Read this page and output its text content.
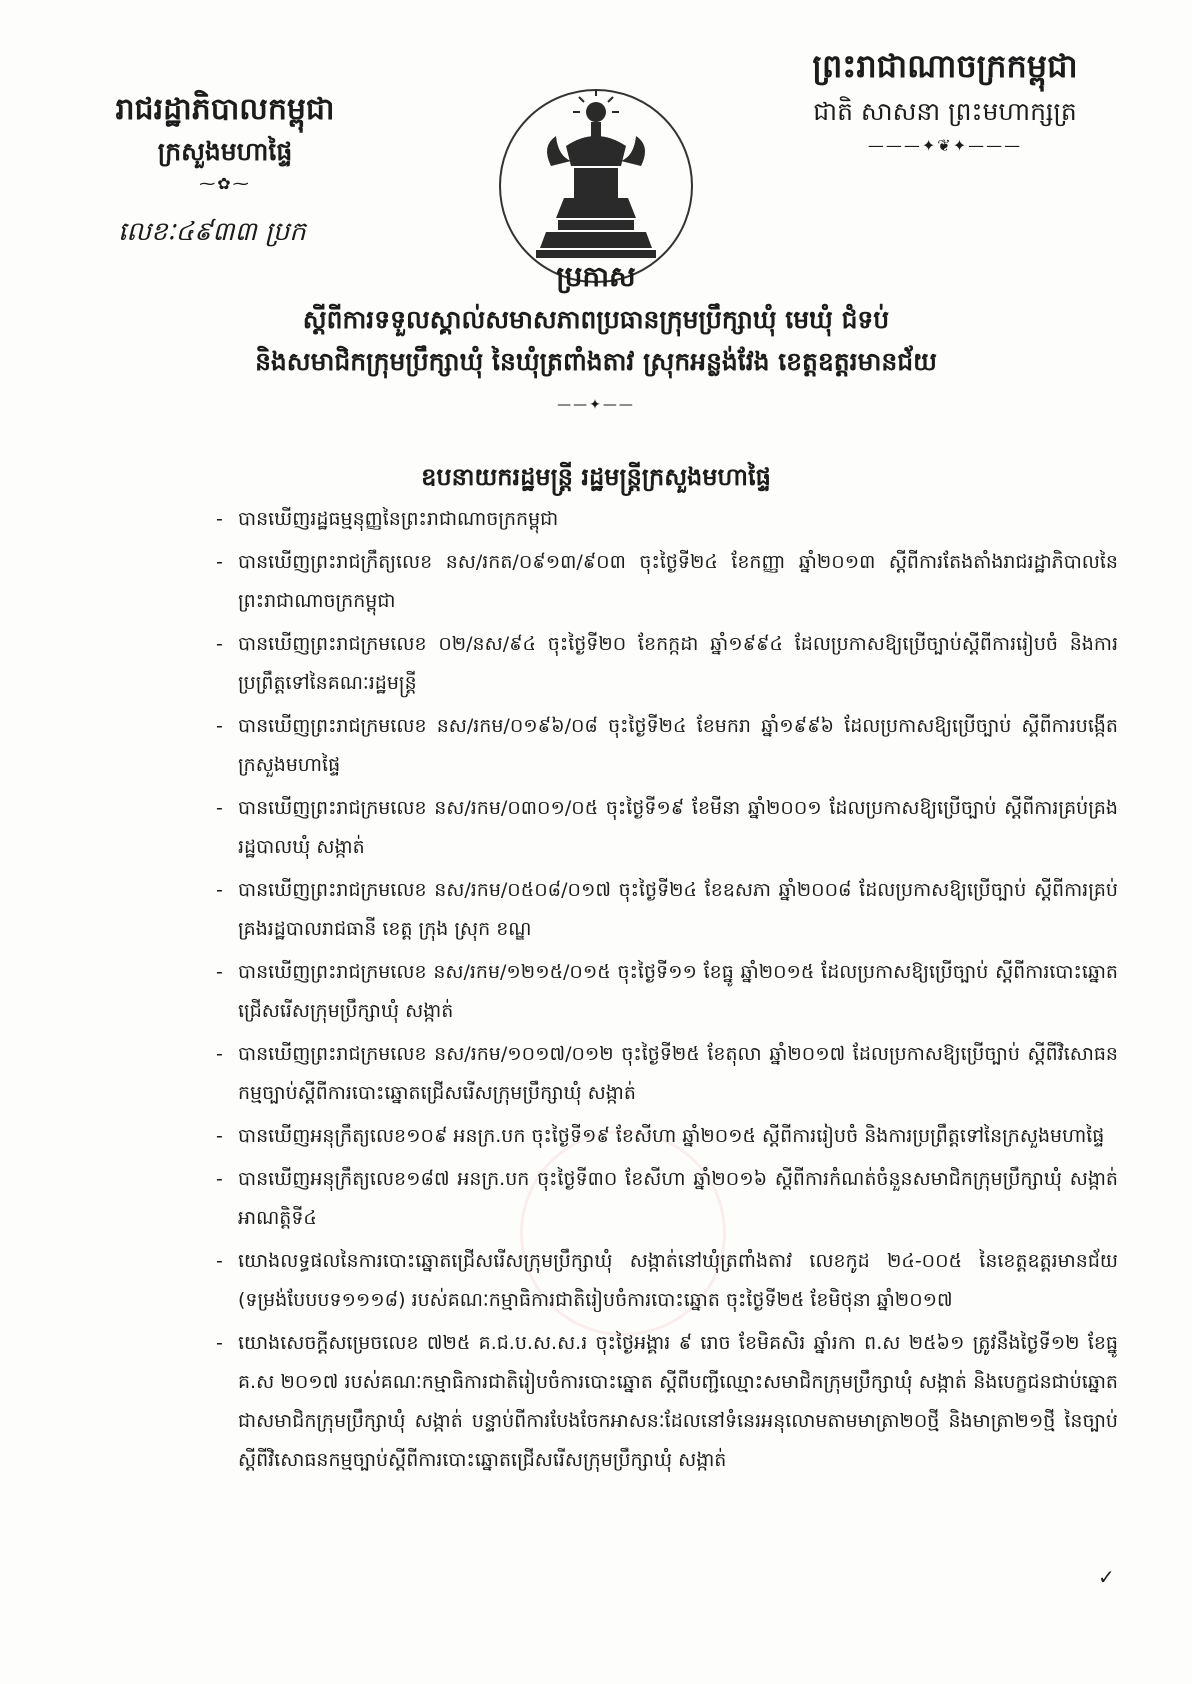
រាជរដ្ឋាភិបាលកម្ពុជា
ក្រសួងមហាផ្ទៃ
⁓✿⁓
លេខៈ៤៩៣៣ ប្រក
ព្រះរាជាណាចក្រកម្ពុជា
ជាតិ សាសនា ព្រះមហាក្សត្រ
———✦❦✦———
ប្រកាស
ស្ដីពីការទទួលស្គាល់សមាសភាពប្រធានក្រុមប្រឹក្សាឃុំ មេឃុំ ជំទប់
និងសមាជិកក្រុមប្រឹក្សាឃុំ នៃឃុំត្រពាំងតាវ ស្រុកអន្លង់វែង ខេត្តឧត្តរមានជ័យ
——✦——
ឧបនាយករដ្ឋមន្ត្រី រដ្ឋមន្ត្រីក្រសួងមហាផ្ទៃ
- បានឃើញរដ្ឋធម្មនុញ្ញនៃព្រះរាជាណាចក្រកម្ពុជា
- បានឃើញព្រះរាជក្រឹត្យលេខ នស/រកត/០៩១៣/៩០៣ ចុះថ្ងៃទី២៤ ខែកញ្ញា ឆ្នាំ២០១៣ ស្ដីពីការតែងតាំងរាជរដ្ឋាភិបាលនៃព្រះរាជាណាចក្រកម្ពុជា
- បានឃើញព្រះរាជក្រមលេខ ០២/នស/៩៤ ចុះថ្ងៃទី២០ ខែកក្កដា ឆ្នាំ១៩៩៤ ដែលប្រកាសឱ្យប្រើច្បាប់ស្ដីពីការរៀបចំ និងការប្រព្រឹត្តទៅនៃគណៈរដ្ឋមន្ត្រី
- បានឃើញព្រះរាជក្រមលេខ នស/រកម/០១៩៦/០៨ ចុះថ្ងៃទី២៤ ខែមករា ឆ្នាំ១៩៩៦ ដែលប្រកាសឱ្យប្រើច្បាប់ ស្ដីពីការបង្កើតក្រសួងមហាផ្ទៃ
- បានឃើញព្រះរាជក្រមលេខ នស/រកម/០៣០១/០៥ ចុះថ្ងៃទី១៩ ខែមីនា ឆ្នាំ២០០១ ដែលប្រកាសឱ្យប្រើច្បាប់ ស្ដីពីការគ្រប់គ្រងរដ្ឋបាលឃុំ សង្កាត់
- បានឃើញព្រះរាជក្រមលេខ នស/រកម/០៥០៨/០១៧ ចុះថ្ងៃទី២៤ ខែឧសភា ឆ្នាំ២០០៨ ដែលប្រកាសឱ្យប្រើច្បាប់ ស្ដីពីការគ្រប់គ្រងរដ្ឋបាលរាជធានី ខេត្ត ក្រុង ស្រុក ខណ្ឌ
- បានឃើញព្រះរាជក្រមលេខ នស/រកម/១២១៥/០១៥ ចុះថ្ងៃទី១១ ខែធ្នូ ឆ្នាំ២០១៥ ដែលប្រកាសឱ្យប្រើច្បាប់ ស្ដីពីការបោះឆ្នោតជ្រើសរើសក្រុមប្រឹក្សាឃុំ សង្កាត់
- បានឃើញព្រះរាជក្រមលេខ នស/រកម/១០១៧/០១២ ចុះថ្ងៃទី២៥ ខែតុលា ឆ្នាំ២០១៧ ដែលប្រកាសឱ្យប្រើច្បាប់ ស្ដីពីវិសោធនកម្មច្បាប់ស្ដីពីការបោះឆ្នោតជ្រើសរើសក្រុមប្រឹក្សាឃុំ សង្កាត់
- បានឃើញអនុក្រឹត្យលេខ១០៩ អនក្រ.បក ចុះថ្ងៃទី១៩ ខែសីហា ឆ្នាំ២០១៥ ស្ដីពីការរៀបចំ និងការប្រព្រឹត្តទៅនៃក្រសួងមហាផ្ទៃ
- បានឃើញអនុក្រឹត្យលេខ១៨៧ អនក្រ.បក ចុះថ្ងៃទី៣០ ខែសីហា ឆ្នាំ២០១៦ ស្ដីពីការកំណត់ចំនួនសមាជិកក្រុមប្រឹក្សាឃុំ សង្កាត់អាណត្តិទី៤
- យោងលទ្ធផលនៃការបោះឆ្នោតជ្រើសរើសក្រុមប្រឹក្សាឃុំ សង្កាត់នៅឃុំត្រពាំងតាវ លេខកូដ ២៤-០០៥ នៃខេត្តឧត្តរមានជ័យ (ទម្រង់បែបបទ១១១៨) របស់គណៈកម្មាធិការជាតិរៀបចំការបោះឆ្នោត ចុះថ្ងៃទី២៥ ខែមិថុនា ឆ្នាំ២០១៧
- យោងសេចក្ដីសម្រេចលេខ ៧២៥ គ.ជ.ប.ស.ស.រ ចុះថ្ងៃអង្គារ ៩ រោច ខែមិគសិរ ឆ្នាំរកា ព.ស ២៥៦១ ត្រូវនឹងថ្ងៃទី១២ ខែធ្នូ គ.ស ២០១៧ របស់គណៈកម្មាធិការជាតិរៀបចំការបោះឆ្នោត ស្ដីពីបញ្ជីឈ្មោះសមាជិកក្រុមប្រឹក្សាឃុំ សង្កាត់ និងបេក្ខជនជាប់ឆ្នោតជាសមាជិកក្រុមប្រឹក្សាឃុំ សង្កាត់ បន្ទាប់ពីការបែងចែកអាសនៈដែលនៅទំនេរអនុលោមតាមមាត្រា២០ថ្មី និងមាត្រា២១ថ្មី នៃច្បាប់ ស្ដីពីវិសោធនកម្មច្បាប់ស្ដីពីការបោះឆ្នោតជ្រើសរើសក្រុមប្រឹក្សាឃុំ សង្កាត់
✓
